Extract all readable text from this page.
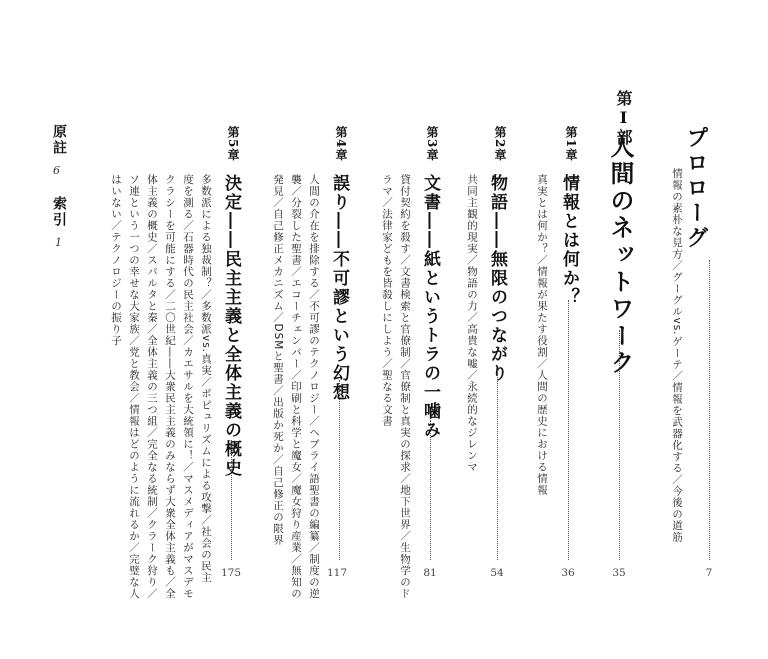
プロローグ
情報の素朴な見方／グーグルvs.ゲーテ／情報を武器化する／今後の道筋
7
第Ⅰ部
人間のネットワーク
35
第1章
情報とは何か？
真実とは何か？／情報が果たす役割／人間の歴史における情報
36
第2章
物語――無限のつながり
共同主観的現実／物語の力／高貴な嘘／永続的なジレンマ
54
第3章
文書――紙というトラの一噛み
貸付契約を殺す／文書検索と官僚制／官僚制と真実の探求／地下世界／生物学のド
ラマ／法律家どもを皆殺しにしよう／聖なる文書
81
第4章
誤り――不可謬という幻想
人間の介在を排除する／不可謬のテクノロジー／ヘブライ語聖書の編纂／制度の逆
襲／分裂した聖書／エコーチェンバー／印刷と科学と魔女／魔女狩り産業／無知の
発見／自己修正メカニズム／DSMと聖書／出版か死か／自己修正の限界
117
第5章
決定――民主主義と全体主義の概史
多数派による独裁制？／多数派vs.真実／ポピュリズムによる攻撃／社会の民主
度を測る／石器時代の民主社会／カエサルを大統領に！／マスメディアがマスデモ
クラシーを可能にする／二〇世紀――大衆民主主義のみならず大衆全体主義も／全
体主義の概史／スパルタと秦／全体主義の三つ組／完全なる統制／クラーク狩り／
ソ連という一つの幸せな大家族／党と教会／情報はどのように流れるか／完璧な人
はいない／テクノロジーの振り子
175
原註
6
索引
1
